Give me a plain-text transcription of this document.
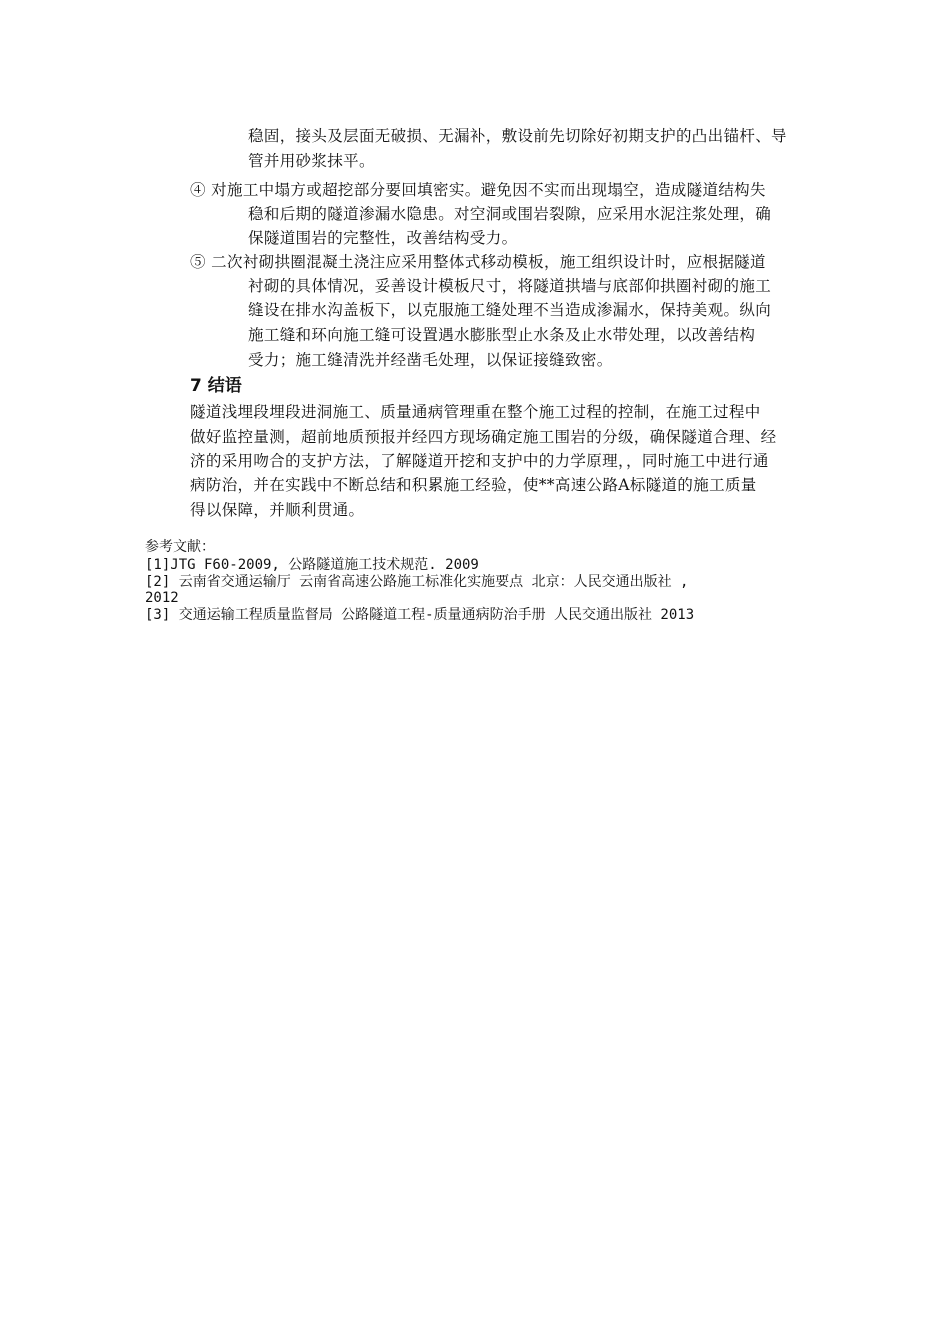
稳固，接头及层面无破损、无漏补，敷设前先切除好初期支护的凸出锚杆、导
管并用砂浆抹平。
④ 对施工中塌方或超挖部分要回填密实。避免因不实而出现塌空，造成隧道结构失
稳和后期的隧道渗漏水隐患。对空洞或围岩裂隙，应采用水泥注浆处理，确
保隧道围岩的完整性，改善结构受力。
⑤ 二次衬砌拱圈混凝土浇注应采用整体式移动模板，施工组织设计时，应根据隧道
衬砌的具体情况，妥善设计模板尺寸，将隧道拱墙与底部仰拱圈衬砌的施工
缝设在排水沟盖板下，以克服施工缝处理不当造成渗漏水，保持美观。纵向
施工缝和环向施工缝可设置遇水膨胀型止水条及止水带处理，以改善结构
受力；施工缝清洗并经凿毛处理，以保证接缝致密。
7 结语
隧道浅埋段埋段进洞施工、质量通病管理重在整个施工过程的控制，在施工过程中
做好监控量测，超前地质预报并经四方现场确定施工围岩的分级，确保隧道合理、经
济的采用吻合的支护方法，了解隧道开挖和支护中的力学原理，，同时施工中进行通
病防治，并在实践中不断总结和积累施工经验，使**高速公路A标隧道的施工质量
得以保障，并顺利贯通。
参考文献：
[1]JTG F60-2009, 公路隧道施工技术规范. 2009
[2] 云南省交通运输厅 云南省高速公路施工标准化实施要点 北京：人民交通出版社 ,
2012
[3] 交通运输工程质量监督局 公路隧道工程-质量通病防治手册 人民交通出版社 2013
